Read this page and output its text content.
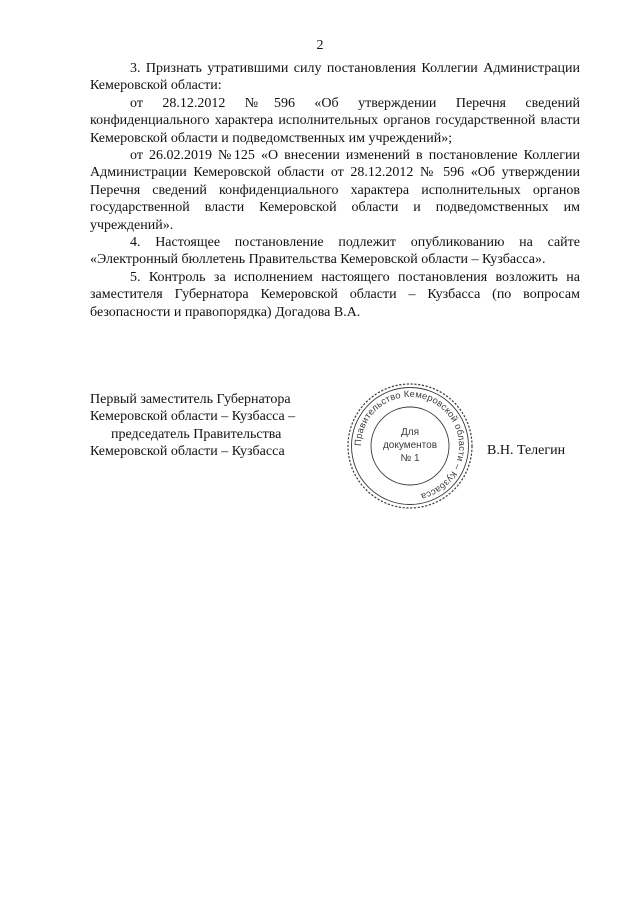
2

3. Признать утратившими силу постановления Коллегии Администрации Кемеровской области:

от 28.12.2012 №596 «Об утверждении Перечня сведений конфиденциального характера исполнительных органов государственной власти Кемеровской области и подведомственных им учреждений»;

от 26.02.2019 №125 «О внесении изменений в постановление Коллегии Администрации Кемеровской области от 28.12.2012 № 596 «Об утверждении Перечня сведений конфиденциального характера исполнительных органов государственной власти Кемеровской области и подведомственных им учреждений».

4. Настоящее постановление подлежит опубликованию на сайте «Электронный бюллетень Правительства Кемеровской области – Кузбасса».

5. Контроль за исполнением настоящего постановления возложить на заместителя Губернатора Кемеровской области – Кузбасса (по вопросам безопасности и правопорядка) Догадова В.А.

Первый заместитель Губернатора
Кемеровской области – Кузбасса –
председатель Правительства
Кемеровской области – Кузбасса
Правительство Кемеровской области – Кузбасса
Для
документов
№ 1
В.Н. Телегин
